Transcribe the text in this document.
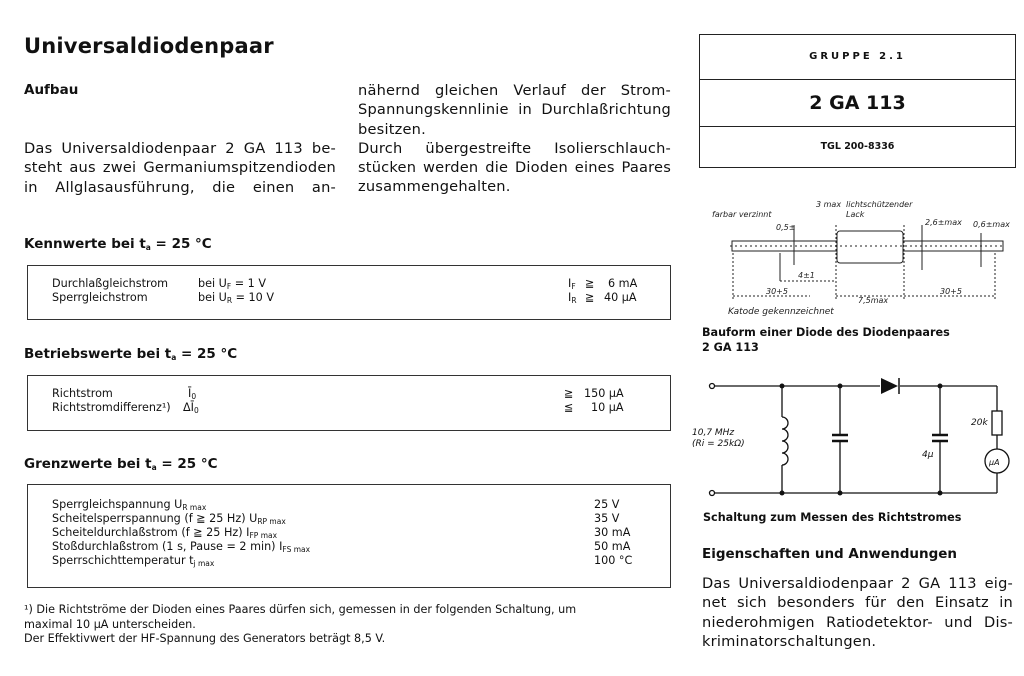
Universaldiodenpaar
Aufbau
Das Universaldiodenpaar 2 GA 113 be-
steht aus zwei Germaniumspitzendioden
in Allglasausführung, die einen an-
nähernd gleichen Verlauf der Strom-
Spannungskennlinie in Durchlaßrichtung
besitzen.
Durch übergestreifte Isolierschlauch-
stücken werden die Dioden eines Paares
zusammengehalten.
GRUPPE 2.1
2 GA 113
TGL 200-8336
Kennwerte bei $t_a = 25$ °C
Durchlaßgleichstrom	bei $U_F = 1$ V	$I_F$ ≧ 6 mA
Sperrgleichstrom	bei $U_R = 10$ V	$I_R$ ≧ 40 µA
Betriebswerte bei $t_a = 25$ °C
Richtstrom	$Ī_0$	≧ 150 µA
Richtstromdifferenz¹) $\Delta Ī_0$	≦ 10 µA
Grenzwerte bei $t_a = 25$ °C
Sperrgleichspannung $U_{R max}$	25 V
Scheitelsperrspannung (f ≧ 25 Hz) $U_{RP max}$	35 V
Scheiteldurchlaßstrom (f ≧ 25 Hz) $I_{FP max}$	30 mA
Stoßdurchlaßstrom (1 s, Pause = 2 min) $I_{FS max}$	50 mA
Sperrschichttemperatur $t_{j max}$	100 °C
¹) Die Richtströme der Dioden eines Paares dürfen sich, gemessen in der folgenden Schaltung, um
maximal 10 µA unterscheiden.
Der Effektivwert der HF-Spannung des Generators beträgt 8,5 V.
farbar verzinnt
0,5±
3 max lichtschützender
Lack
2,6±max 0,6±max
4±1
30+5
7,5max
30+5
Katode gekennzeichnet
Bauform einer Diode des Diodenpaares
2 GA 113
10,7 MHz
(Ri = 25kΩ)
4µ
20k
µA
Schaltung zum Messen des Richtstromes
Eigenschaften und Anwendungen
Das Universaldiodenpaar 2 GA 113 eig-
net sich besonders für den Einsatz in
niederohmigen Ratiodetektor- und Dis-
kriminatorschaltungen.
